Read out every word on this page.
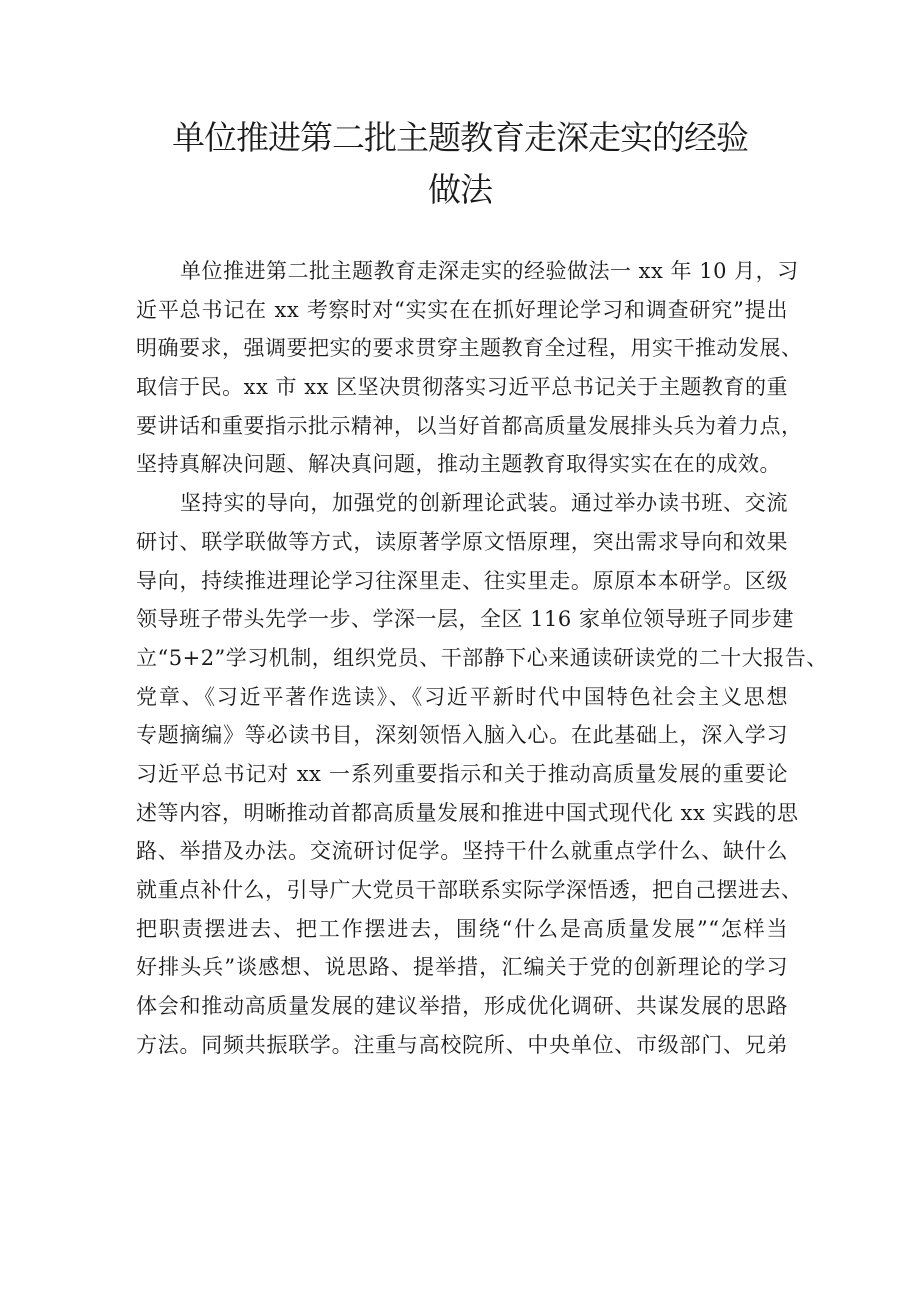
单位推进第二批主题教育走深走实的经验
做法
单位推进第二批主题教育走深走实的经验做法一 xx 年 10 月，习
近平总书记在 xx 考察时对“实实在在抓好理论学习和调查研究”提出
明确要求，强调要把实的要求贯穿主题教育全过程，用实干推动发展、
取信于民。xx 市 xx 区坚决贯彻落实习近平总书记关于主题教育的重
要讲话和重要指示批示精神，以当好首都高质量发展排头兵为着力点，
坚持真解决问题、解决真问题，推动主题教育取得实实在在的成效。
坚持实的导向，加强党的创新理论武装。通过举办读书班、交流
研讨、联学联做等方式，读原著学原文悟原理，突出需求导向和效果
导向，持续推进理论学习往深里走、往实里走。原原本本研学。区级
领导班子带头先学一步、学深一层，全区 116 家单位领导班子同步建
立“5+2”学习机制，组织党员、干部静下心来通读研读党的二十大报告、
党章、《习近平著作选读》、《习近平新时代中国特色社会主义思想
专题摘编》等必读书目，深刻领悟入脑入心。在此基础上，深入学习
习近平总书记对 xx 一系列重要指示和关于推动高质量发展的重要论
述等内容，明晰推动首都高质量发展和推进中国式现代化 xx 实践的思
路、举措及办法。交流研讨促学。坚持干什么就重点学什么、缺什么
就重点补什么，引导广大党员干部联系实际学深悟透，把自己摆进去、
把职责摆进去、把工作摆进去，围绕“什么是高质量发展”“怎样当
好排头兵”谈感想、说思路、提举措，汇编关于党的创新理论的学习
体会和推动高质量发展的建议举措，形成优化调研、共谋发展的思路
方法。同频共振联学。注重与高校院所、中央单位、市级部门、兄弟
